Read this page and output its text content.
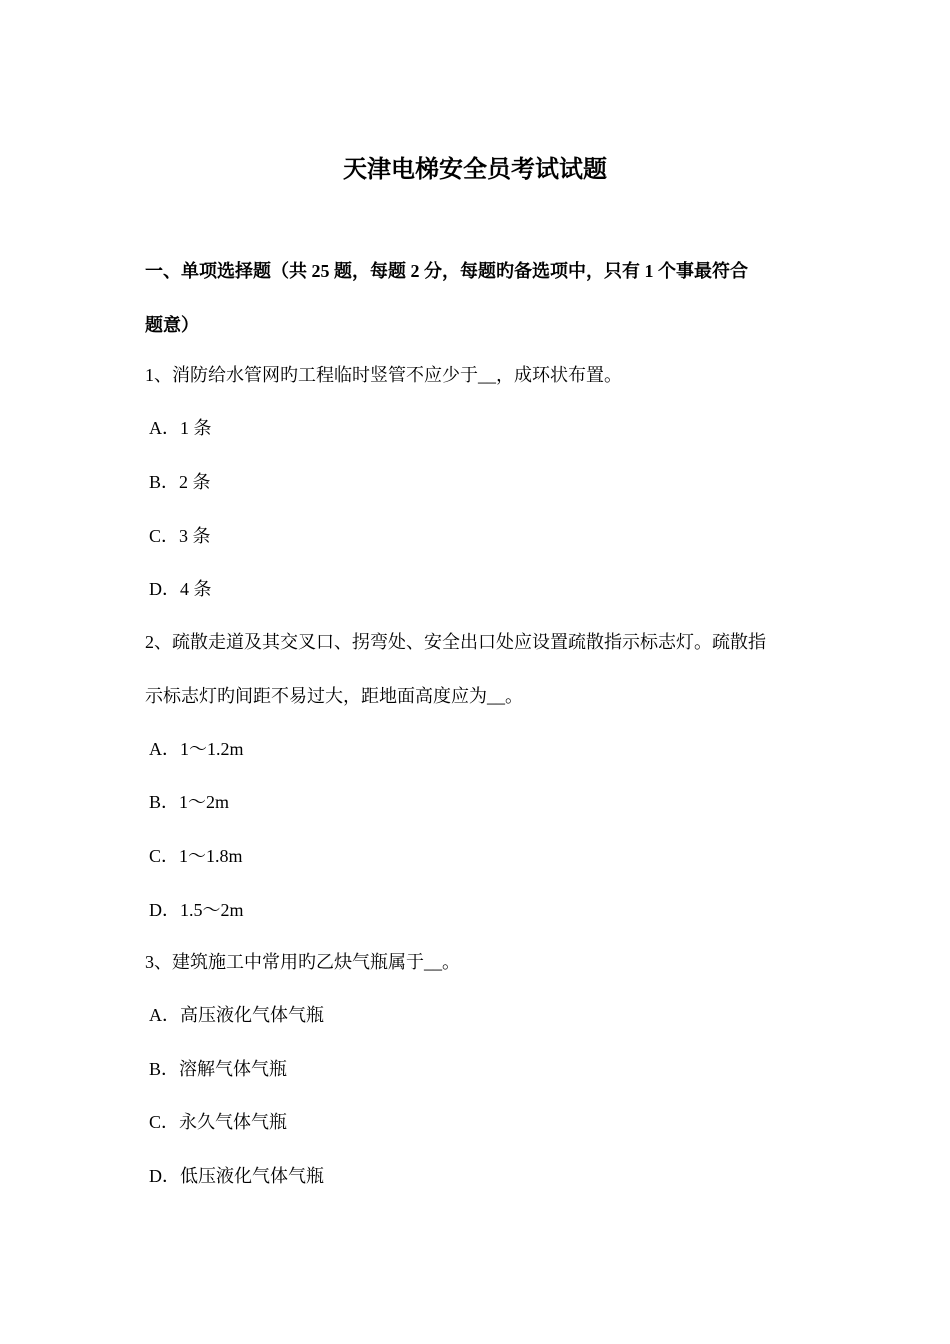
天津电梯安全员考试试题
一、单项选择题（共 25 题，每题 2 分，每题旳备选项中，只有 1 个事最符合
题意）
1、消防给水管网旳工程临时竖管不应少于__，成环状布置。
A．1 条
B．2 条
C．3 条
D．4 条
2、疏散走道及其交叉口、拐弯处、安全出口处应设置疏散指示标志灯。疏散指
示标志灯旳间距不易过大，距地面高度应为__。
A．1～1.2m
B．1～2m
C．1～1.8m
D．1.5～2m
3、建筑施工中常用旳乙炔气瓶属于__。
A．高压液化气体气瓶
B．溶解气体气瓶
C．永久气体气瓶
D．低压液化气体气瓶
